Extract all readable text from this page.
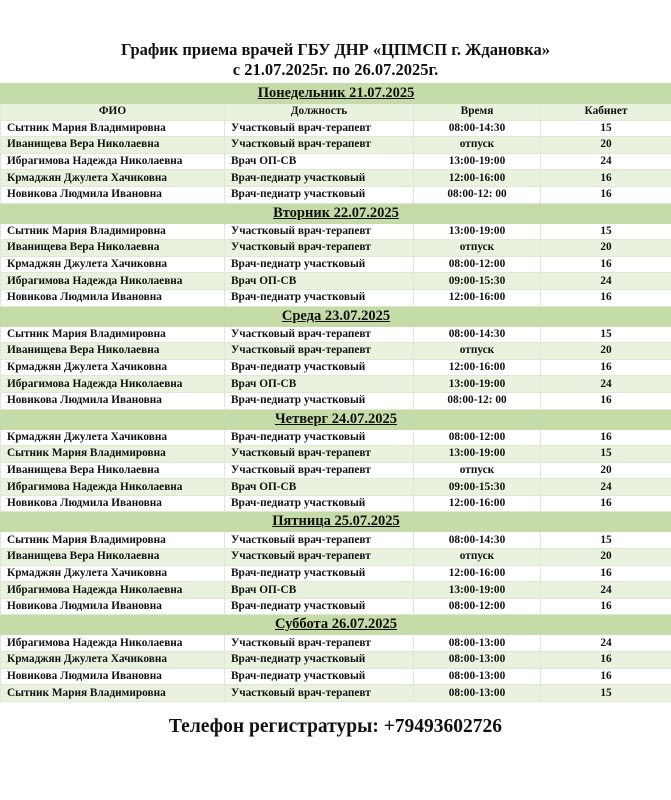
График приема врачей ГБУ ДНР «ЦПМСП г. Ждановка»
с 21.07.2025г. по 26.07.2025г.
Понедельник 21.07.2025			
ФИО	Должность	Время	Кабинет
Сытник Мария Владимировна	Участковый врач-терапевт	08:00-14:30	15
Иванищева Вера Николаевна	Участковый врач-терапевт	отпуск	20
Ибрагимова Надежда Николаевна	Врач ОП-СВ	13:00-19:00	24
Крмаджян Джулета Хачиковна	Врач-педиатр участковый	12:00-16:00	16
Новикова Людмила Ивановна	Врач-педиатр участковый	08:00-12: 00	16
Вторник 22.07.2025			
Сытник Мария Владимировна	Участковый врач-терапевт	13:00-19:00	15
Иванищева Вера Николаевна	Участковый врач-терапевт	отпуск	20
Крмаджян Джулета Хачиковна	Врач-педиатр участковый	08:00-12:00	16
Ибрагимова Надежда Николаевна	Врач ОП-СВ	09:00-15:30	24
Новикова Людмила Ивановна	Врач-педиатр участковый	12:00-16:00	16
Среда 23.07.2025			
Сытник Мария Владимировна	Участковый врач-терапевт	08:00-14:30	15
Иванищева Вера Николаевна	Участковый врач-терапевт	отпуск	20
Крмаджян Джулета Хачиковна	Врач-педиатр участковый	12:00-16:00	16
Ибрагимова Надежда Николаевна	Врач ОП-СВ	13:00-19:00	24
Новикова Людмила Ивановна	Врач-педиатр участковый	08:00-12: 00	16
Четверг 24.07.2025			
Крмаджян Джулета Хачиковна	Врач-педиатр участковый	08:00-12:00	16
Сытник Мария Владимировна	Участковый врач-терапевт	13:00-19:00	15
Иванищева Вера Николаевна	Участковый врач-терапевт	отпуск	20
Ибрагимова Надежда Николаевна	Врач ОП-СВ	09:00-15:30	24
Новикова Людмила Ивановна	Врач-педиатр участковый	12:00-16:00	16
Пятница 25.07.2025			
Сытник Мария Владимировна	Участковый врач-терапевт	08:00-14:30	15
Иванищева Вера Николаевна	Участковый врач-терапевт	отпуск	20
Крмаджян Джулета Хачиковна	Врач-педиатр участковый	12:00-16:00	16
Ибрагимова Надежда Николаевна	Врач ОП-СВ	13:00-19:00	24
Новикова Людмила Ивановна	Врач-педиатр участковый	08:00-12:00	16
Суббота 26.07.2025			
Ибрагимова Надежда Николаевна	Участковый врач-терапевт	08:00-13:00	24
Крмаджян Джулета Хачиковна	Врач-педиатр участковый	08:00-13:00	16
Новикова Людмила Ивановна	Врач-педиатр участковый	08:00-13:00	16
Сытник Мария Владимировна	Участковый врач-терапевт	08:00-13:00	15
Телефон регистратуры: +79493602726
